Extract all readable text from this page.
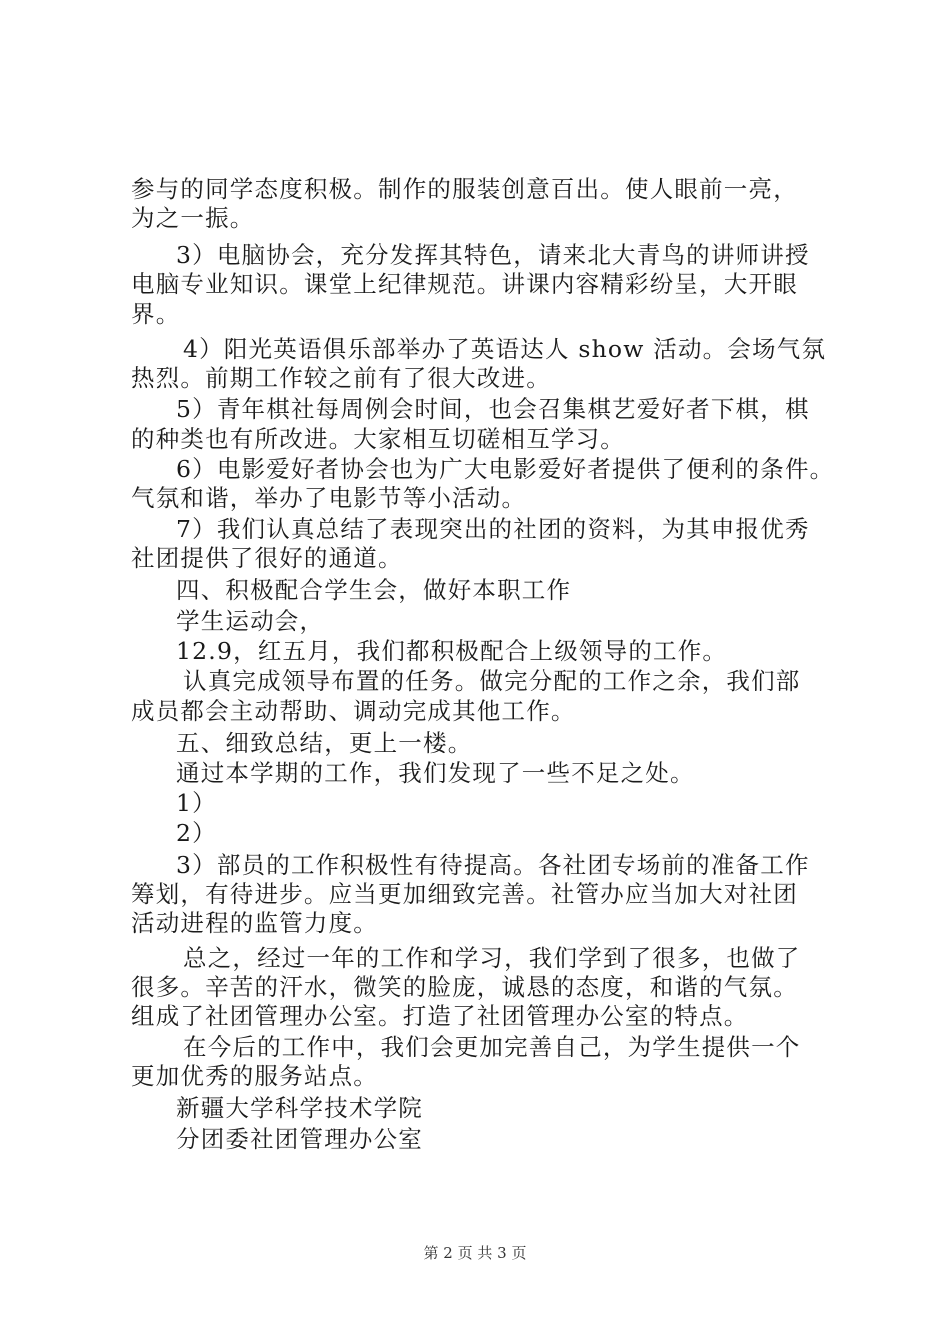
参与的同学态度积极。制作的服装创意百出。使人眼前一亮，
为之一振。
3）电脑协会，充分发挥其特色，请来北大青鸟的讲师讲授
电脑专业知识。课堂上纪律规范。讲课内容精彩纷呈，大开眼
界。
4）阳光英语俱乐部举办了英语达人 show 活动。会场气氛
热烈。前期工作较之前有了很大改进。
5）青年棋社每周例会时间，也会召集棋艺爱好者下棋，棋
的种类也有所改进。大家相互切磋相互学习。
6）电影爱好者协会也为广大电影爱好者提供了便利的条件。
气氛和谐，举办了电影节等小活动。
7）我们认真总结了表现突出的社团的资料，为其申报优秀
社团提供了很好的通道。
四、积极配合学生会，做好本职工作
学生运动会，
12.9，红五月，我们都积极配合上级领导的工作。
认真完成领导布置的任务。做完分配的工作之余，我们部
成员都会主动帮助、调动完成其他工作。
五、细致总结，更上一楼。
通过本学期的工作，我们发现了一些不足之处。
1）
2）
3）部员的工作积极性有待提高。各社团专场前的准备工作
筹划，有待进步。应当更加细致完善。社管办应当加大对社团
活动进程的监管力度。
总之，经过一年的工作和学习，我们学到了很多，也做了
很多。辛苦的汗水，微笑的脸庞，诚恳的态度，和谐的气氛。
组成了社团管理办公室。打造了社团管理办公室的特点。
在今后的工作中，我们会更加完善自己，为学生提供一个
更加优秀的服务站点。
新疆大学科学技术学院
分团委社团管理办公室
第 2 页 共 3 页
